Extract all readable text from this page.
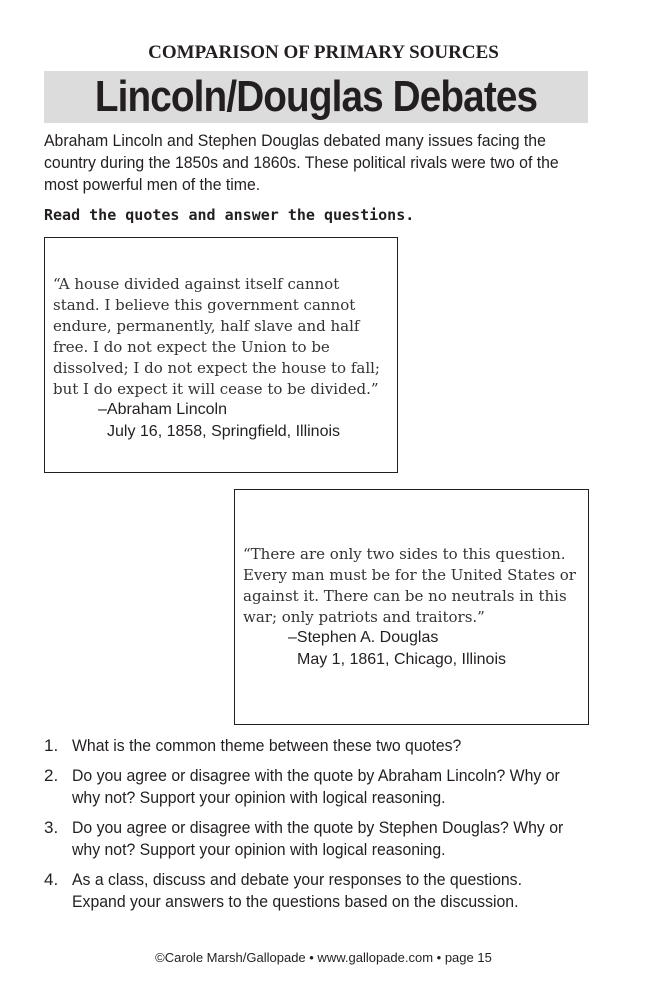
COMPARISON OF PRIMARY SOURCES
Lincoln/Douglas Debates
Abraham Lincoln and Stephen Douglas debated many issues facing the
country during the 1850s and 1860s. These political rivals were two of the
most powerful men of the time.
Read the quotes and answer the questions.
“A house divided against itself cannot
stand. I believe this government cannot
endure, permanently, half slave and half
free. I do not expect the Union to be
dissolved; I do not expect the house to fall;
but I do expect it will cease to be divided.”
–Abraham Lincoln
July 16, 1858, Springfield, Illinois
“There are only two sides to this question.
Every man must be for the United States or
against it. There can be no neutrals in this
war; only patriots and traitors.”
–Stephen A. Douglas
May 1, 1861, Chicago, Illinois
1. What is the common theme between these two quotes?
2. Do you agree or disagree with the quote by Abraham Lincoln? Why or
why not? Support your opinion with logical reasoning.
3. Do you agree or disagree with the quote by Stephen Douglas? Why or
why not? Support your opinion with logical reasoning.
4. As a class, discuss and debate your responses to the questions.
Expand your answers to the questions based on the discussion.
©Carole Marsh/Gallopade • www.gallopade.com • page 15
